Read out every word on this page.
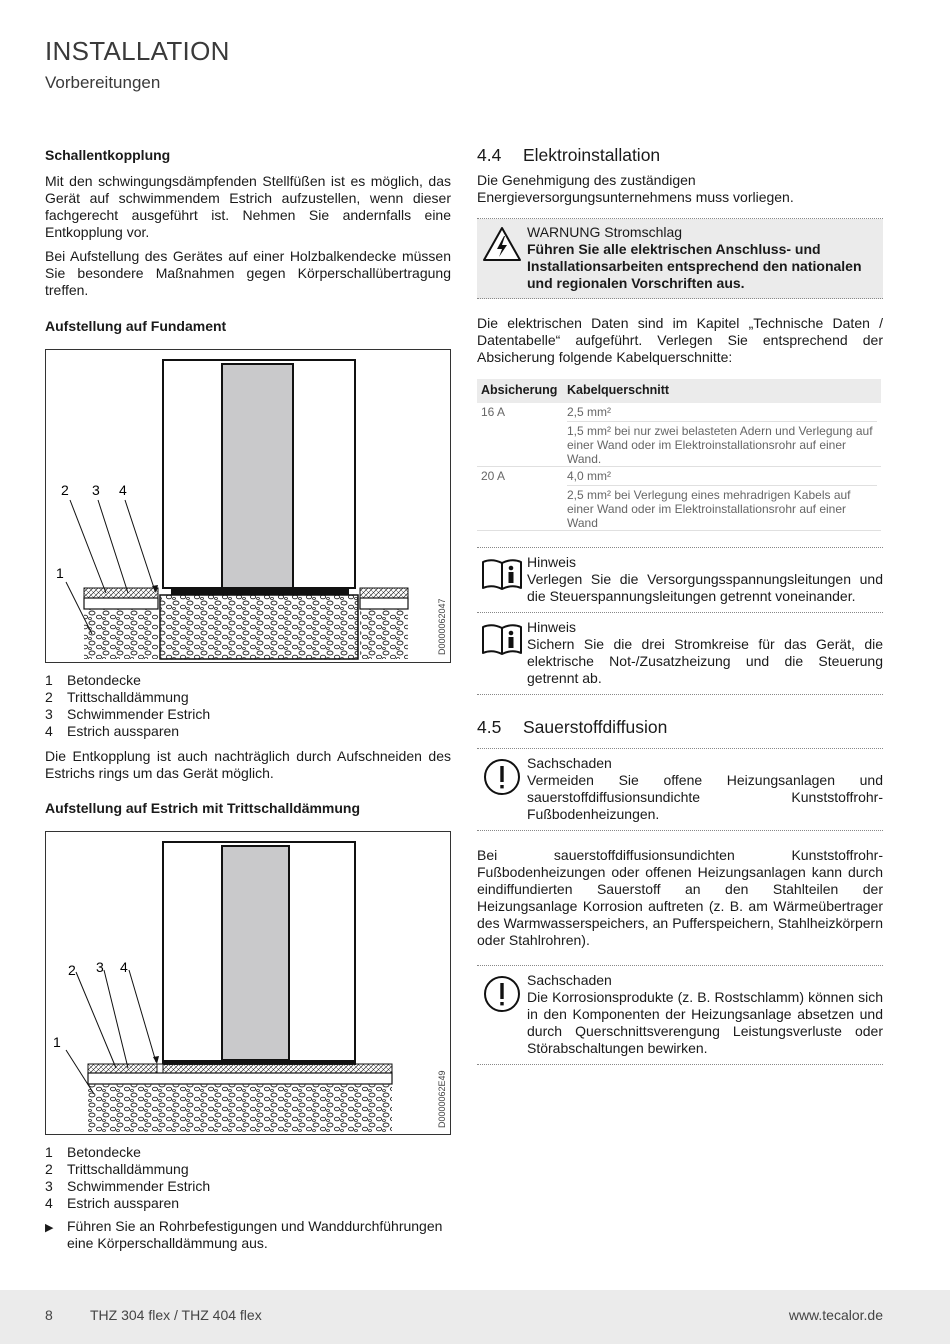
INSTALLATION
Vorbereitungen
Schallentkopplung

Mit den schwingungsdämpfenden Stellfüßen ist es möglich, das Gerät auf schwimmendem Estrich aufzustellen, wenn dieser fachgerecht ausgeführt ist. Nehmen Sie andernfalls eine Entkopplung vor.

Bei Aufstellung des Gerätes auf einer Holzbalkendecke müssen Sie besondere Maßnahmen gegen Körperschallübertragung treffen.

Aufstellung auf Fundament
2 3 4
1
D0000062047
1	Betondecke
2	Trittschalldämmung
3	Schwimmender Estrich
4	Estrich aussparen

Die Entkopplung ist auch nachträglich durch Aufschneiden des Estrichs rings um das Gerät möglich.

Aufstellung auf Estrich mit Trittschalldämmung
2 3 4
1
D0000062E49
1	Betondecke
2	Trittschalldämmung
3	Schwimmender Estrich
4	Estrich aussparen
▶ Führen Sie an Rohrbefestigungen und Wanddurchführungen eine Körperschalldämmung aus.
4.4	Elektroinstallation

Die Genehmigung des zuständigen Energieversorgungsunternehmens muss vorliegen.

WARNUNG Stromschlag
Führen Sie alle elektrischen Anschluss- und Installationsarbeiten entsprechend den nationalen und regionalen Vorschriften aus.

Die elektrischen Daten sind im Kapitel „Technische Daten / Datentabelle“ aufgeführt. Verlegen Sie entsprechend der Absicherung folgende Kabelquerschnitte:

Absicherung	Kabelquerschnitt
16 A	2,5 mm²
1,5 mm² bei nur zwei belasteten Adern und Verlegung auf einer Wand oder im Elektroinstallationsrohr auf einer Wand.

20 A	4,0 mm²
2,5 mm² bei Verlegung eines mehradrigen Kabels auf einer Wand oder im Elektroinstallationsrohr auf einer Wand
Hinweis
Verlegen Sie die Versorgungsspannungsleitungen und die Steuerspannungsleitungen getrennt voneinander.
Hinweis
Sichern Sie die drei Stromkreise für das Gerät, die elektrische Not-/Zusatzheizung und die Steuerung getrennt ab.
4.5	Sauerstoffdiffusion
Sachschaden
Vermeiden Sie offene Heizungsanlagen und sauerstoffdiffusionsundichte Kunststoffrohr-Fußbodenheizungen.

Bei sauerstoffdiffusionsundichten Kunststoffrohr-Fußbodenheizungen oder offenen Heizungsanlagen kann durch eindiffundierten Sauerstoff an den Stahlteilen der Heizungsanlage Korrosion auftreten (z. B. am Wärmeübertrager des Warmwasserspeichers, an Pufferspeichern, Stahlheizkörpern oder Stahlrohren).

Sachschaden
Die Korrosionsprodukte (z. B. Rostschlamm) können sich in den Komponenten der Heizungsanlage absetzen und durch Querschnittsverengung Leistungsverluste oder Störabschaltungen bewirken.
8	THZ 304 flex / THZ 404 flex	www.tecalor.de
